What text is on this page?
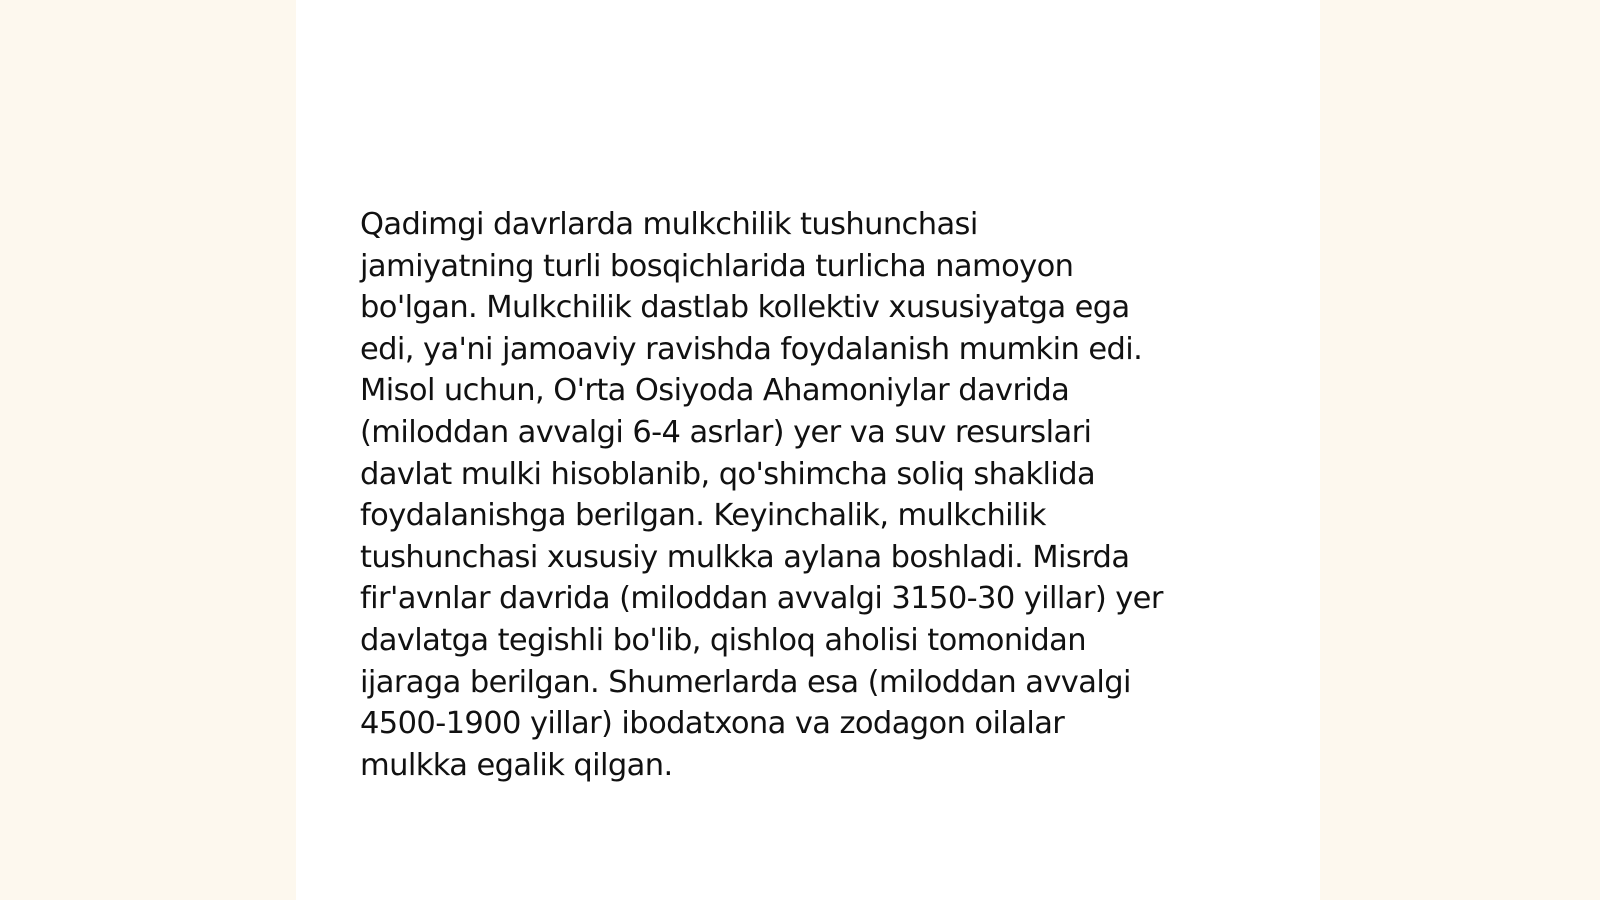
Qadimgi davrlarda mulkchilik tushunchasi
jamiyatning turli bosqichlarida turlicha namoyon
bo'lgan. Mulkchilik dastlab kollektiv xususiyatga ega
edi, ya'ni jamoaviy ravishda foydalanish mumkin edi.
Misol uchun, O'rta Osiyoda Ahamoniylar davrida
(miloddan avvalgi 6-4 asrlar) yer va suv resurslari
davlat mulki hisoblanib, qo'shimcha soliq shaklida
foydalanishga berilgan. Keyinchalik, mulkchilik
tushunchasi xususiy mulkka aylana boshladi. Misrda
fir'avnlar davrida (miloddan avvalgi 3150-30 yillar) yer
davlatga tegishli bo'lib, qishloq aholisi tomonidan
ijaraga berilgan. Shumerlarda esa (miloddan avvalgi
4500-1900 yillar) ibodatxona va zodagon oilalar
mulkka egalik qilgan.
